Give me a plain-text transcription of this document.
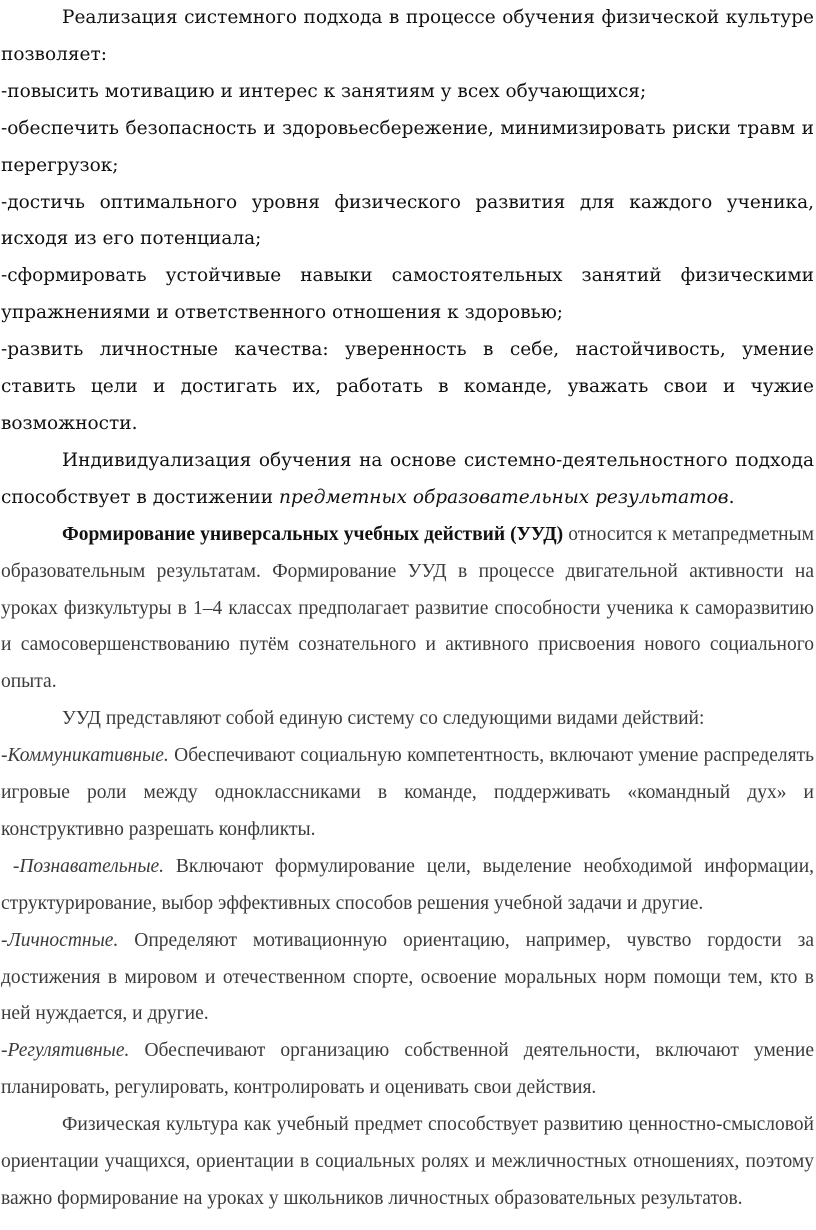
Реализация системного подхода в процессе обучения физической культуре позволяет:

-повысить мотивацию и интерес к занятиям у всех обучающихся;

-обеспечить безопасность и здоровьесбережение, минимизировать риски травм и перегрузок;

-достичь оптимального уровня физического развития для каждого ученика, исходя из его потенциала;

-сформировать устойчивые навыки самостоятельных занятий физическими упражнениями и ответственного отношения к здоровью;

-развить личностные качества: уверенность в себе, настойчивость, умение ставить цели и достигать их, работать в команде, уважать свои и чужие возможности.

Индивидуализация обучения на основе системно-деятельностного подхода способствует в достижении предметных образовательных результатов.

Формирование универсальных учебных действий (УУД) относится к метапредметным образовательным результатам. Формирование УУД в процессе двигательной активности на уроках физкультуры в 1–4 классах предполагает развитие способности ученика к саморазвитию и самосовершенствованию путём сознательного и активного присвоения нового социального опыта.

УУД представляют собой единую систему со следующими видами действий:

-Коммуникативные. Обеспечивают социальную компетентность, включают умение распределять игровые роли между одноклассниками в команде, поддерживать «командный дух» и конструктивно разрешать конфликты.

-Познавательные. Включают формулирование цели, выделение необходимой информации, структурирование, выбор эффективных способов решения учебной задачи и другие.

-Личностные. Определяют мотивационную ориентацию, например, чувство гордости за достижения в мировом и отечественном спорте, освоение моральных норм помощи тем, кто в ней нуждается, и другие.

-Регулятивные. Обеспечивают организацию собственной деятельности, включают умение планировать, регулировать, контролировать и оценивать свои действия.

Физическая культура как учебный предмет способствует развитию ценностно-смысловой ориентации учащихся, ориентации в социальных ролях и межличностных отношениях, поэтому важно формирование на уроках у школьников личностных образовательных результатов.
